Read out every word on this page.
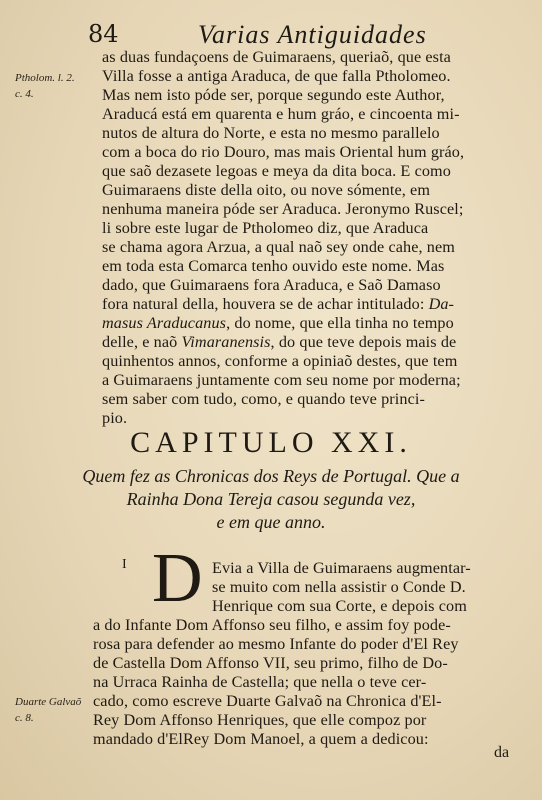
84	Varias Antiguidades
Ptholom. l. 2.
c. 4.
Duarte Galvaõ
c. 8.
as duas fundaçoens de Guimaraens, queriaõ, que esta
Villa fosse a antiga Araduca, de que falla Ptholomeo.
Mas nem isto póde ser, porque segundo este Author,
Araducá está em quarenta e hum gráo, e cincoenta mi-
nutos de altura do Norte, e esta no mesmo parallelo
com a boca do rio Douro, mas mais Oriental hum gráo,
que saõ dezasete legoas e meya da dita boca. E como
Guimaraens diste della oito, ou nove sómente, em
nenhuma maneira póde ser Araduca. Jeronymo Ruscel;
li sobre este lugar de Ptholomeo diz, que Araduca
se chama agora Arzua, a qual naõ sey onde cahe, nem
em toda esta Comarca tenho ouvido este nome. Mas
dado, que Guimaraens fora Araduca, e Saõ Damaso
fora natural della, houvera se de achar intitulado: Da-
masus Araducanus, do nome, que ella tinha no tempo
delle, e naõ Vimaranensis, do que teve depois mais de
quinhentos annos, conforme a opiniaõ destes, que tem
a Guimaraens juntamente com seu nome por moderna;
sem saber com tudo, como, e quando teve princi-
pio.
CAPITULO XXI.
Quem fez as Chronicas dos Reys de Portugal. Que a
Rainha Dona Tereja casou segunda vez,
e em que anno.
I D Evia a Villa de Guimaraens augmentar-
se muito com nella assistir o Conde D.
Henrique com sua Corte, e depois com
a do Infante Dom Affonso seu filho, e assim foy pode-
rosa para defender ao mesmo Infante do poder d'El Rey
de Castella Dom Affonso VII, seu primo, filho de Do-
na Urraca Rainha de Castella; que nella o teve cer-
cado, como escreve Duarte Galvaõ na Chronica d'El-
Rey Dom Affonso Henriques, que elle compoz por
mandado d'ElRey Dom Manoel, a quem a dedicou:
da
